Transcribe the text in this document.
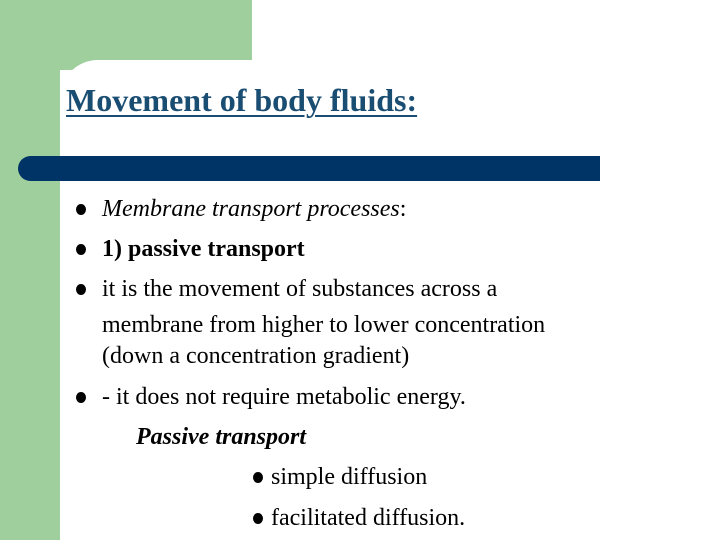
Movement of body fluids:
Membrane transport processes:
1) passive transport
it is the movement of substances across a
membrane from higher to lower concentration
(down a concentration gradient)
- it does not require metabolic energy.
Passive transport
simple diffusion
facilitated diffusion.
